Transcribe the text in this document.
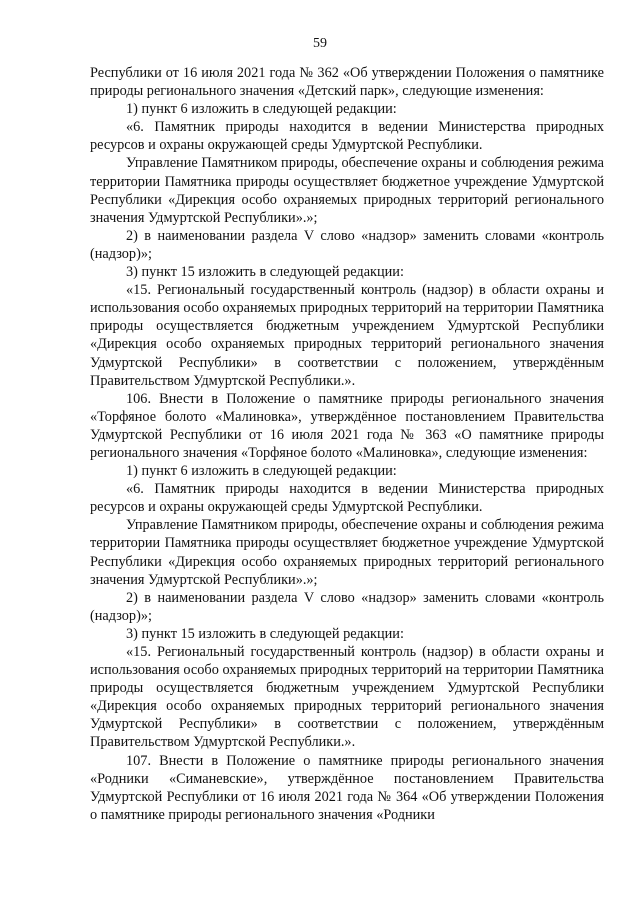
59

Республики от 16 июля 2021 года № 362 «Об утверждении Положения о памятнике природы регионального значения «Детский парк», следующие изменения:

1) пункт 6 изложить в следующей редакции:

«6. Памятник природы находится в ведении Министерства природных ресурсов и охраны окружающей среды Удмуртской Республики.

Управление Памятником природы, обеспечение охраны и соблюдения режима территории Памятника природы осуществляет бюджетное учреждение Удмуртской Республики «Дирекция особо охраняемых природных территорий регионального значения Удмуртской Республики».»;

2) в наименовании раздела V слово «надзор» заменить словами «контроль (надзор)»;

3) пункт 15 изложить в следующей редакции:

«15. Региональный государственный контроль (надзор) в области охраны и использования особо охраняемых природных территорий на территории Памятника природы осуществляется бюджетным учреждением Удмуртской Республики «Дирекция особо охраняемых природных территорий регионального значения Удмуртской Республики» в соответствии с положением, утверждённым Правительством Удмуртской Республики.».

106. Внести в Положение о памятнике природы регионального значения «Торфяное болото «Малиновка», утверждённое постановлением Правительства Удмуртской Республики от 16 июля 2021 года № 363 «О памятнике природы регионального значения «Торфяное болото «Малиновка», следующие изменения:

1) пункт 6 изложить в следующей редакции:

«6. Памятник природы находится в ведении Министерства природных ресурсов и охраны окружающей среды Удмуртской Республики.

Управление Памятником природы, обеспечение охраны и соблюдения режима территории Памятника природы осуществляет бюджетное учреждение Удмуртской Республики «Дирекция особо охраняемых природных территорий регионального значения Удмуртской Республики».»;

2) в наименовании раздела V слово «надзор» заменить словами «контроль (надзор)»;

3) пункт 15 изложить в следующей редакции:

«15. Региональный государственный контроль (надзор) в области охраны и использования особо охраняемых природных территорий на территории Памятника природы осуществляется бюджетным учреждением Удмуртской Республики «Дирекция особо охраняемых природных территорий регионального значения Удмуртской Республики» в соответствии с положением, утверждённым Правительством Удмуртской Республики.».

107. Внести в Положение о памятнике природы регионального значения «Родники «Симаневские», утверждённое постановлением Правительства Удмуртской Республики от 16 июля 2021 года № 364 «Об утверждении Положения о памятнике природы регионального значения «Родники
